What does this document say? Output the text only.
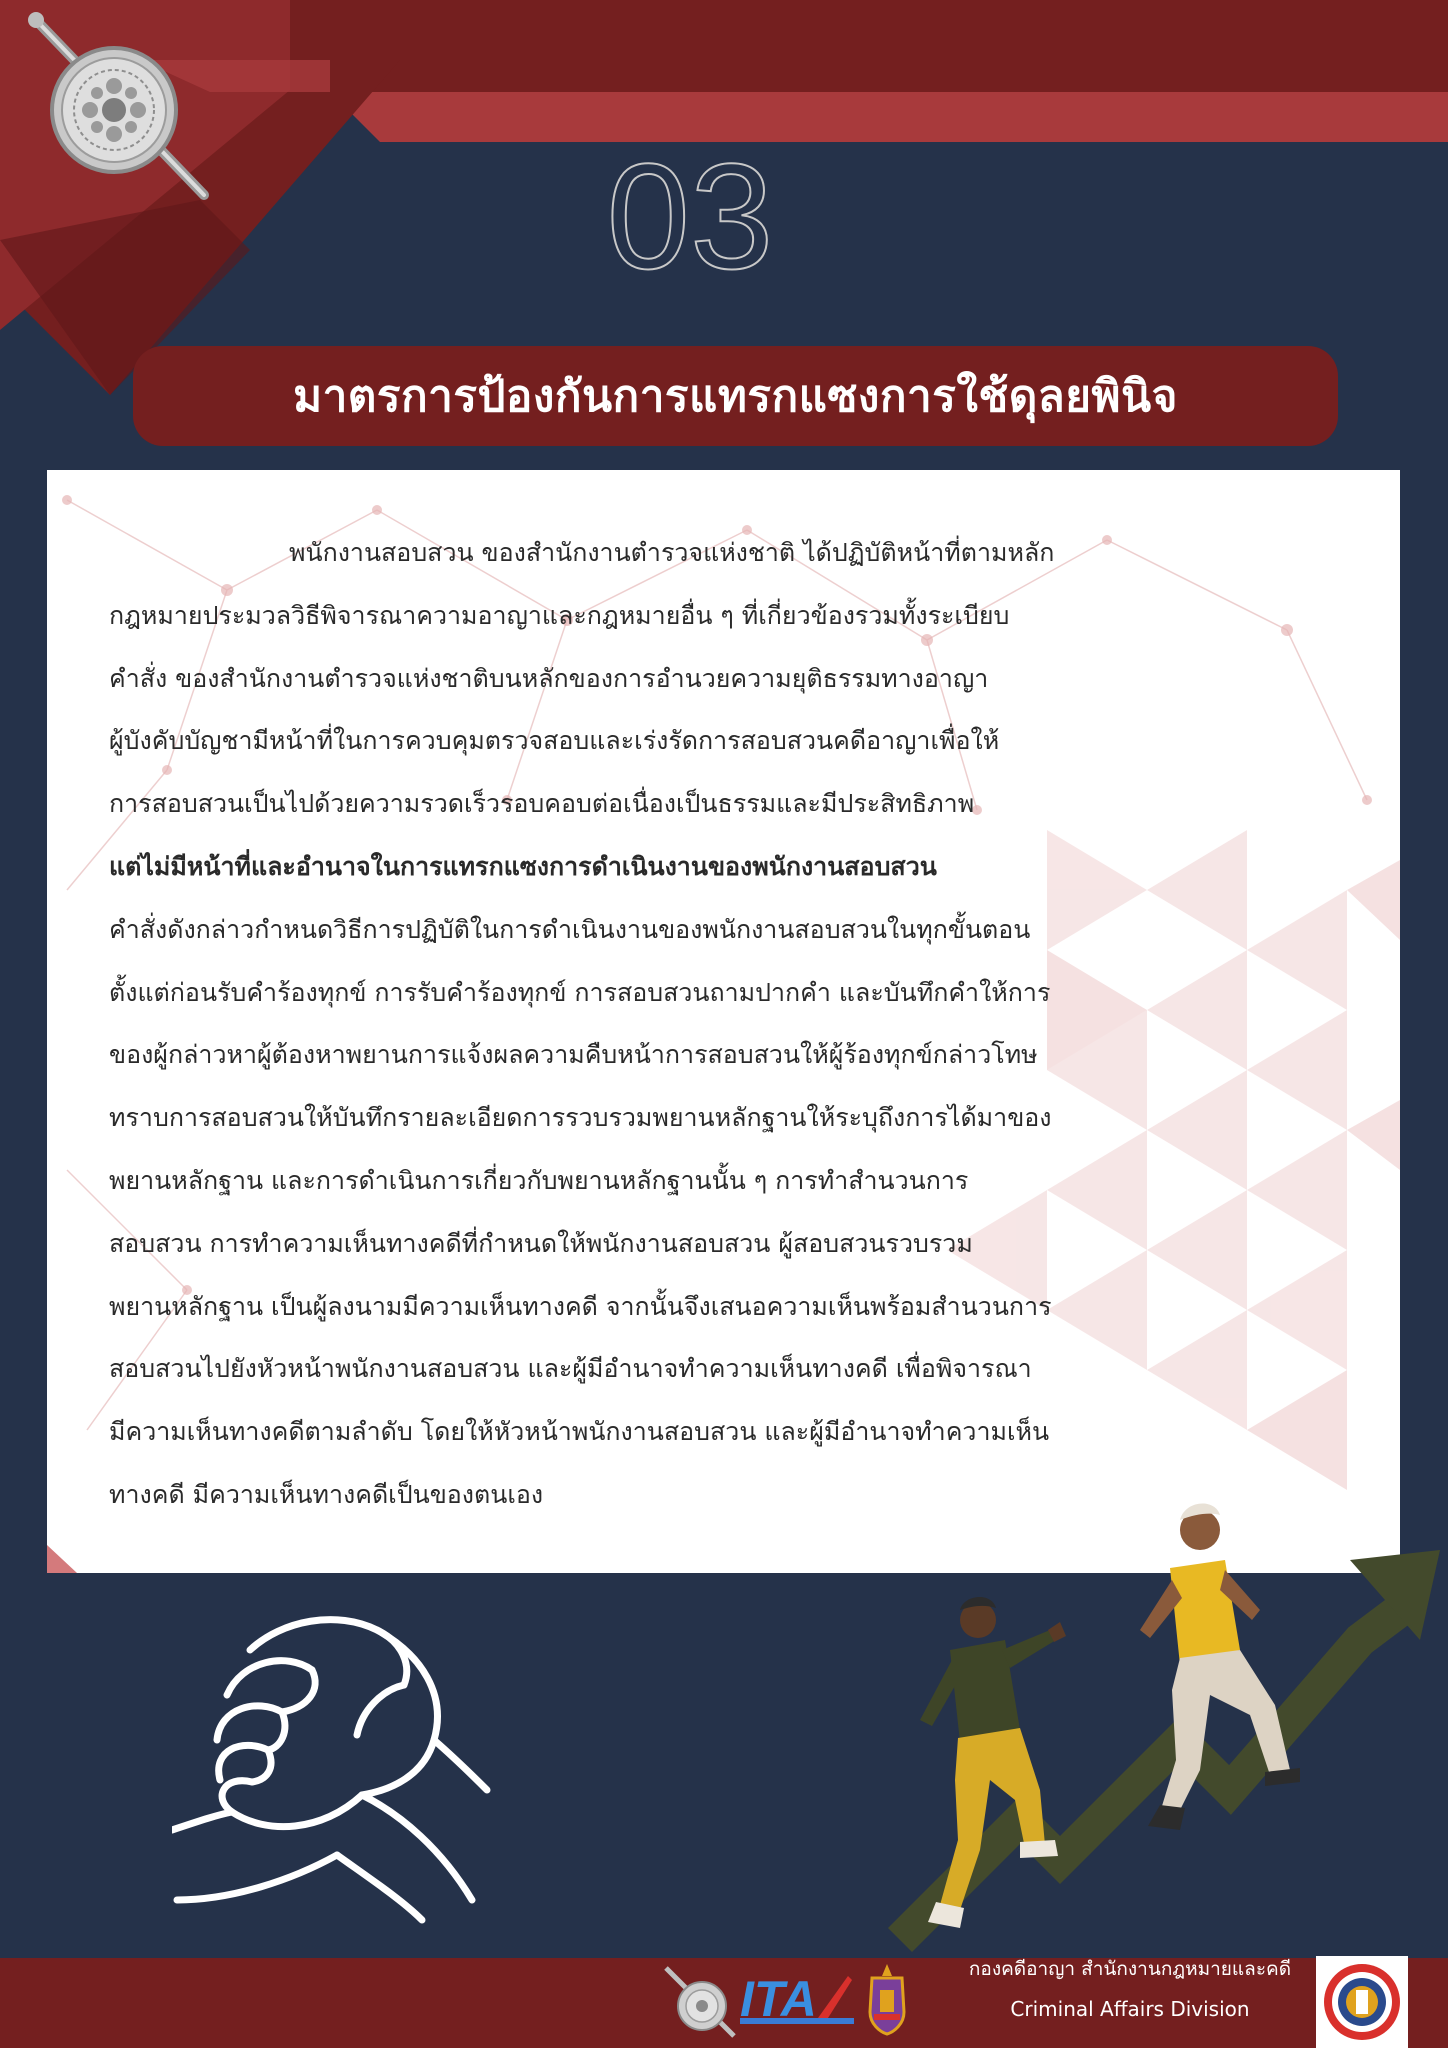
03
มาตรการป้องกันการแทรกแซงการใช้ดุลยพินิจ
พนักงานสอบสวน ของสำนักงานตำรวจแห่งชาติ ได้ปฏิบัติหน้าที่ตามหลัก
กฎหมายประมวลวิธีพิจารณาความอาญาและกฎหมายอื่น ๆ ที่เกี่ยวข้องรวมทั้งระเบียบ
คำสั่ง ของสำนักงานตำรวจแห่งชาติบนหลักของการอำนวยความยุติธรรมทางอาญา
ผู้บังคับบัญชามีหน้าที่ในการควบคุมตรวจสอบและเร่งรัดการสอบสวนคดีอาญาเพื่อให้
การสอบสวนเป็นไปด้วยความรวดเร็วรอบคอบต่อเนื่องเป็นธรรมและมีประสิทธิภาพ
แต่ไม่มีหน้าที่และอำนาจในการแทรกแซงการดำเนินงานของพนักงานสอบสวน
คำสั่งดังกล่าวกำหนดวิธีการปฏิบัติในการดำเนินงานของพนักงานสอบสวนในทุกขั้นตอน
ตั้งแต่ก่อนรับคำร้องทุกข์ การรับคำร้องทุกข์ การสอบสวนถามปากคำ และบันทึกคำให้การ
ของผู้กล่าวหาผู้ต้องหาพยานการแจ้งผลความคืบหน้าการสอบสวนให้ผู้ร้องทุกข์กล่าวโทษ
ทราบการสอบสวนให้บันทึกรายละเอียดการรวบรวมพยานหลักฐานให้ระบุถึงการได้มาของ
พยานหลักฐาน และการดำเนินการเกี่ยวกับพยานหลักฐานนั้น ๆ การทำสำนวนการ
สอบสวน การทำความเห็นทางคดีที่กำหนดให้พนักงานสอบสวน ผู้สอบสวนรวบรวม
พยานหลักฐาน เป็นผู้ลงนามมีความเห็นทางคดี จากนั้นจึงเสนอความเห็นพร้อมสำนวนการ
สอบสวนไปยังหัวหน้าพนักงานสอบสวน และผู้มีอำนาจทำความเห็นทางคดี เพื่อพิจารณา
มีความเห็นทางคดีตามลำดับ โดยให้หัวหน้าพนักงานสอบสวน และผู้มีอำนาจทำความเห็น
ทางคดี มีความเห็นทางคดีเป็นของตนเอง
ITA
กองคดีอาญา สำนักงานกฎหมายและคดี
Criminal Affairs Division
